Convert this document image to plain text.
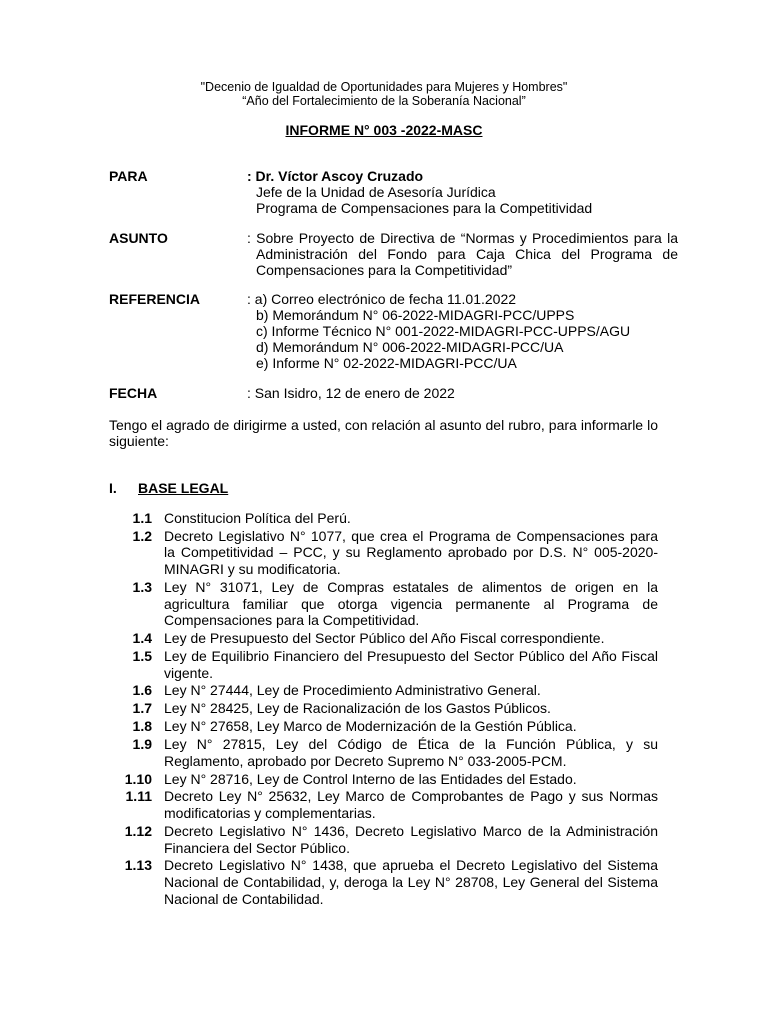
"Decenio de Igualdad de Oportunidades para Mujeres y Hombres"
“Año del Fortalecimiento de la Soberanía Nacional”
INFORME N° 003 -2022-MASC
PARA	: Dr. Víctor Ascoy Cruzado
Jefe de la Unidad de Asesoría Jurídica
Programa de Compensaciones para la Competitividad
ASUNTO	: Sobre Proyecto de Directiva de “Normas y Procedimientos para la
Administración del Fondo para Caja Chica del Programa de
Compensaciones para la Competitividad”
REFERENCIA	: a) Correo electrónico de fecha 11.01.2022
b) Memorándum N° 06-2022-MIDAGRI-PCC/UPPS
c) Informe Técnico N° 001-2022-MIDAGRI-PCC-UPPS/AGU
d) Memorándum N° 006-2022-MIDAGRI-PCC/UA
e) Informe N° 02-2022-MIDAGRI-PCC/UA
FECHA	: San Isidro, 12 de enero de 2022
Tengo el agrado de dirigirme a usted, con relación al asunto del rubro, para informarle lo siguiente:
I. BASE LEGAL
1.1 Constitucion Política del Perú.
1.2 Decreto Legislativo N° 1077, que crea el Programa de Compensaciones para la Competitividad – PCC, y su Reglamento aprobado por D.S. N° 005-2020-MINAGRI y su modificatoria.
1.3 Ley N° 31071, Ley de Compras estatales de alimentos de origen en la agricultura familiar que otorga vigencia permanente al Programa de Compensaciones para la Competitividad.
1.4 Ley de Presupuesto del Sector Público del Año Fiscal correspondiente.
1.5 Ley de Equilibrio Financiero del Presupuesto del Sector Público del Año Fiscal vigente.
1.6 Ley N° 27444, Ley de Procedimiento Administrativo General.
1.7 Ley N° 28425, Ley de Racionalización de los Gastos Públicos.
1.8 Ley N° 27658, Ley Marco de Modernización de la Gestión Pública.
1.9 Ley N° 27815, Ley del Código de Ética de la Función Pública, y su Reglamento, aprobado por Decreto Supremo N° 033-2005-PCM.
1.10 Ley N° 28716, Ley de Control Interno de las Entidades del Estado.
1.11 Decreto Ley N° 25632, Ley Marco de Comprobantes de Pago y sus Normas modificatorias y complementarias.
1.12 Decreto Legislativo N° 1436, Decreto Legislativo Marco de la Administración Financiera del Sector Público.
1.13 Decreto Legislativo N° 1438, que aprueba el Decreto Legislativo del Sistema Nacional de Contabilidad, y, deroga la Ley N° 28708, Ley General del Sistema Nacional de Contabilidad.
